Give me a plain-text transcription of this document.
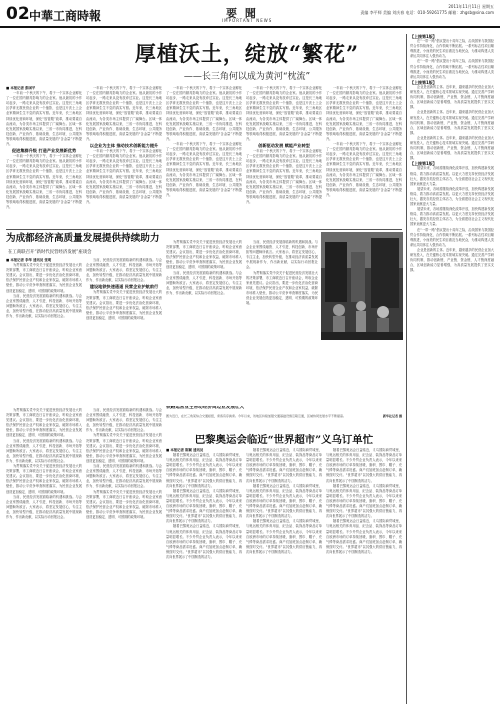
02 中華工商時報	要 聞
IMPORTANT NEWS
2011年11月11日 星期五
责编 李平师 美编 刘庆春 电话：010-59261775 邮箱：zhgsb@sina.com
厚植沃土，绽放“繁花”
——长三角何以成为黄河“枕流”
■ 本报记者 彭国平

一年前一个秋天的下午，将于一个实体企业孵化了一位在国内颇具影响力的企业家。他从最初的小作坊起步，一路走来从没有放弃过实业。这是长三角地区孕育无数民营企业的一个缩影，也是这片沃土上企业家精神生生不息的真实写照。近年来，长三角地区持续优化营商环境，深化“放管服”改革，推动要素自由流动，为各类市场主体提供了广阔舞台。区域一体化发展国家战略实施以来，三省一市协同推进，在科技创新、产业协作、基础设施、生态环境、公共服务等领域取得积极进展，高质量发展的“含金量”不断提升。

促进集群升级 打造产业发展新优势

一年前一个秋天的下午，将于一个实体企业孵化了一位在国内颇具影响力的企业家。他从最初的小作坊起步，一路走来从没有放弃过实业。这是长三角地区孕育无数民营企业的一个缩影，也是这片沃土上企业家精神生生不息的真实写照。近年来，长三角地区持续优化营商环境，深化“放管服”改革，推动要素自由流动，为各类市场主体提供了广阔舞台。区域一体化发展国家战略实施以来，三省一市协同推进，在科技创新、产业协作、基础设施、生态环境、公共服务等领域取得积极进展，高质量发展的“含金量”不断提升。

一年前一个秋天的下午，将于一个实体企业孵化了一位在国内颇具影响力的企业家。他从最初的小作坊起步，一路走来从没有放弃过实业。这是长三角地区孕育无数民营企业的一个缩影，也是这片沃土上企业家精神生生不息的真实写照。近年来，长三角地区持续优化营商环境，深化“放管服”改革，推动要素自由流动，为各类市场主体提供了广阔舞台。区域一体化发展国家战略实施以来，三省一市协同推进，在科技创新、产业协作、基础设施、生态环境、公共服务等领域取得积极进展，高质量发展的“含金量”不断提升。

以企业为主体 推动技术创新能力提升

一年前一个秋天的下午，将于一个实体企业孵化了一位在国内颇具影响力的企业家。他从最初的小作坊起步，一路走来从没有放弃过实业。这是长三角地区孕育无数民营企业的一个缩影，也是这片沃土上企业家精神生生不息的真实写照。近年来，长三角地区持续优化营商环境，深化“放管服”改革，推动要素自由流动，为各类市场主体提供了广阔舞台。区域一体化发展国家战略实施以来，三省一市协同推进，在科技创新、产业协作、基础设施、生态环境、公共服务等领域取得积极进展，高质量发展的“含金量”不断提升。

一年前一个秋天的下午，将于一个实体企业孵化了一位在国内颇具影响力的企业家。他从最初的小作坊起步，一路走来从没有放弃过实业。这是长三角地区孕育无数民营企业的一个缩影，也是这片沃土上企业家精神生生不息的真实写照。近年来，长三角地区持续优化营商环境，深化“放管服”改革，推动要素自由流动，为各类市场主体提供了广阔舞台。区域一体化发展国家战略实施以来，三省一市协同推进，在科技创新、产业协作、基础设施、生态环境、公共服务等领域取得积极进展，高质量发展的“含金量”不断提升。

一年前一个秋天的下午，将于一个实体企业孵化了一位在国内颇具影响力的企业家。他从最初的小作坊起步，一路走来从没有放弃过实业。这是长三角地区孕育无数民营企业的一个缩影，也是这片沃土上企业家精神生生不息的真实写照。近年来，长三角地区持续优化营商环境，深化“放管服”改革，推动要素自由流动，为各类市场主体提供了广阔舞台。区域一体化发展国家战略实施以来，三省一市协同推进，在科技创新、产业协作、基础设施、生态环境、公共服务等领域取得积极进展，高质量发展的“含金量”不断提升。

一年前一个秋天的下午，将于一个实体企业孵化了一位在国内颇具影响力的企业家。他从最初的小作坊起步，一路走来从没有放弃过实业。这是长三角地区孕育无数民营企业的一个缩影，也是这片沃土上企业家精神生生不息的真实写照。近年来，长三角地区持续优化营商环境，深化“放管服”改革，推动要素自由流动，为各类市场主体提供了广阔舞台。区域一体化发展国家战略实施以来，三省一市协同推进，在科技创新、产业协作、基础设施、生态环境、公共服务等领域取得积极进展，高质量发展的“含金量”不断提升。

创新驱动发展 赋能产业转型

一年前一个秋天的下午，将于一个实体企业孵化了一位在国内颇具影响力的企业家。他从最初的小作坊起步，一路走来从没有放弃过实业。这是长三角地区孕育无数民营企业的一个缩影，也是这片沃土上企业家精神生生不息的真实写照。近年来，长三角地区持续优化营商环境，深化“放管服”改革，推动要素自由流动，为各类市场主体提供了广阔舞台。区域一体化发展国家战略实施以来，三省一市协同推进，在科技创新、产业协作、基础设施、生态环境、公共服务等领域取得积极进展，高质量发展的“含金量”不断提升。

一年前一个秋天的下午，将于一个实体企业孵化了一位在国内颇具影响力的企业家。他从最初的小作坊起步，一路走来从没有放弃过实业。这是长三角地区孕育无数民营企业的一个缩影，也是这片沃土上企业家精神生生不息的真实写照。近年来，长三角地区持续优化营商环境，深化“放管服”改革，推动要素自由流动，为各类市场主体提供了广阔舞台。区域一体化发展国家战略实施以来，三省一市协同推进，在科技创新、产业协作、基础设施、生态环境、公共服务等领域取得积极进展，高质量发展的“含金量”不断提升。

一年前一个秋天的下午，将于一个实体企业孵化了一位在国内颇具影响力的企业家。他从最初的小作坊起步，一路走来从没有放弃过实业。这是长三角地区孕育无数民营企业的一个缩影，也是这片沃土上企业家精神生生不息的真实写照。近年来，长三角地区持续优化营商环境，深化“放管服”改革，推动要素自由流动，为各类市场主体提供了广阔舞台。区域一体化发展国家战略实施以来，三省一市协同推进，在科技创新、产业协作、基础设施、生态环境、公共服务等领域取得积极进展，高质量发展的“含金量”不断提升。

为成都经济高质量发展提供持续助力
在工商联召开“新时代民营经济发展”座谈会
■ 本报记者 李华 通讯员 张明

为贯彻落实党中央关于促进民营经济发展壮大的决策部署，市工商联近日召开座谈会，听取企业家意见建议。会议指出，要进一步优化法治化营商环境，依法保护民营企业产权和企业家权益，破除市场准入壁垒，推动公平竞争审查制度落实，为民营企业发展创造更加稳定、透明、可预期的政策环境。

当前，民营经济发展面临新的机遇和挑战。与会企业家围绕融资、人才引进、科技创新、市场开拓等问题畅所欲言。大家表示，将坚定发展信心，专注主业，加快转型升级，在推动经济高质量发展中展现新作为、作出新贡献，以实际行动回报社会。

当前，民营经济发展面临新的机遇和挑战。与会企业家围绕融资、人才引进、科技创新、市场开拓等问题畅所欲言。大家表示，将坚定发展信心，专注主业，加快转型升级，在推动经济高质量发展中展现新作为、作出新贡献，以实际行动回报社会。

建设地铁快速通道 民营企业护航前行

为贯彻落实党中央关于促进民营经济发展壮大的决策部署，市工商联近日召开座谈会，听取企业家意见建议。会议指出，要进一步优化法治化营商环境，依法保护民营企业产权和企业家权益，破除市场准入壁垒，推动公平竞争审查制度落实，为民营企业发展创造更加稳定、透明、可预期的政策环境。

为贯彻落实党中央关于促进民营经济发展壮大的决策部署，市工商联近日召开座谈会，听取企业家意见建议。会议指出，要进一步优化法治化营商环境，依法保护民营企业产权和企业家权益，破除市场准入壁垒，推动公平竞争审查制度落实，为民营企业发展创造更加稳定、透明、可预期的政策环境。

当前，民营经济发展面临新的机遇和挑战。与会企业家围绕融资、人才引进、科技创新、市场开拓等问题畅所欲言。大家表示，将坚定发展信心，专注主业，加快转型升级，在推动经济高质量发展中展现新作为、作出新贡献，以实际行动回报社会。

当前，民营经济发展面临新的机遇和挑战。与会企业家围绕融资、人才引进、科技创新、市场开拓等问题畅所欲言。大家表示，将坚定发展信心，专注主业，加快转型升级，在推动经济高质量发展中展现新作为、作出新贡献，以实际行动回报社会。

为贯彻落实党中央关于促进民营经济发展壮大的决策部署，市工商联近日召开座谈会，听取企业家意见建议。会议指出，要进一步优化法治化营商环境，依法保护民营企业产权和企业家权益，破除市场准入壁垒，推动公平竞争审查制度落实，为民营企业发展创造更加稳定、透明、可预期的政策环境。

铁路运营业主带动经济周边业发展壮大
图为近日，在长三角某综合交通枢纽，乘客有序换乘。今年以来，该地区持续加强交通基础设施互联互通，区域协同发展水平不断提高。	新华社记者 摄
巴黎奥运会临近“世界超市”义乌订单忙

为贯彻落实党中央关于促进民营经济发展壮大的决策部署，市工商联近日召开座谈会，听取企业家意见建议。会议指出，要进一步优化法治化营商环境，依法保护民营企业产权和企业家权益，破除市场准入壁垒，推动公平竞争审查制度落实，为民营企业发展创造更加稳定、透明、可预期的政策环境。

当前，民营经济发展面临新的机遇和挑战。与会企业家围绕融资、人才引进、科技创新、市场开拓等问题畅所欲言。大家表示，将坚定发展信心，专注主业，加快转型升级，在推动经济高质量发展中展现新作为、作出新贡献，以实际行动回报社会。

为贯彻落实党中央关于促进民营经济发展壮大的决策部署，市工商联近日召开座谈会，听取企业家意见建议。会议指出，要进一步优化法治化营商环境，依法保护民营企业产权和企业家权益，破除市场准入壁垒，推动公平竞争审查制度落实，为民营企业发展创造更加稳定、透明、可预期的政策环境。

当前，民营经济发展面临新的机遇和挑战。与会企业家围绕融资、人才引进、科技创新、市场开拓等问题畅所欲言。大家表示，将坚定发展信心，专注主业，加快转型升级，在推动经济高质量发展中展现新作为、作出新贡献，以实际行动回报社会。

当前，民营经济发展面临新的机遇和挑战。与会企业家围绕融资、人才引进、科技创新、市场开拓等问题畅所欲言。大家表示，将坚定发展信心，专注主业，加快转型升级，在推动经济高质量发展中展现新作为、作出新贡献，以实际行动回报社会。

为贯彻落实党中央关于促进民营经济发展壮大的决策部署，市工商联近日召开座谈会，听取企业家意见建议。会议指出，要进一步优化法治化营商环境，依法保护民营企业产权和企业家权益，破除市场准入壁垒，推动公平竞争审查制度落实，为民营企业发展创造更加稳定、透明、可预期的政策环境。

当前，民营经济发展面临新的机遇和挑战。与会企业家围绕融资、人才引进、科技创新、市场开拓等问题畅所欲言。大家表示，将坚定发展信心，专注主业，加快转型升级，在推动经济高质量发展中展现新作为、作出新贡献，以实际行动回报社会。

为贯彻落实党中央关于促进民营经济发展壮大的决策部署，市工商联近日召开座谈会，听取企业家意见建议。会议指出，要进一步优化法治化营商环境，依法保护民营企业产权和企业家权益，破除市场准入壁垒，推动公平竞争审查制度落实，为民营企业发展创造更加稳定、透明、可预期的政策环境。

■ 本报记者 陈颖 通讯员

随着巴黎奥运会日益临近，义乌国际商贸城里，与奥运相关的体育用品、纪念品、装饰品等商品订单量明显增长。不少外贸企业负责人表示，今年以来来自欧洲市场的订单持续回暖，旗帜、围巾、帽子、充气棒等商品需求旺盛。商户们加班加点赶制订单，确保按时交付。“世界超市”以其强大的供应链能力，再次向世界展示了中国制造的活力。

随着巴黎奥运会日益临近，义乌国际商贸城里，与奥运相关的体育用品、纪念品、装饰品等商品订单量明显增长。不少外贸企业负责人表示，今年以来来自欧洲市场的订单持续回暖，旗帜、围巾、帽子、充气棒等商品需求旺盛。商户们加班加点赶制订单，确保按时交付。“世界超市”以其强大的供应链能力，再次向世界展示了中国制造的活力。

随着巴黎奥运会日益临近，义乌国际商贸城里，与奥运相关的体育用品、纪念品、装饰品等商品订单量明显增长。不少外贸企业负责人表示，今年以来来自欧洲市场的订单持续回暖，旗帜、围巾、帽子、充气棒等商品需求旺盛。商户们加班加点赶制订单，确保按时交付。“世界超市”以其强大的供应链能力，再次向世界展示了中国制造的活力。

随着巴黎奥运会日益临近，义乌国际商贸城里，与奥运相关的体育用品、纪念品、装饰品等商品订单量明显增长。不少外贸企业负责人表示，今年以来来自欧洲市场的订单持续回暖，旗帜、围巾、帽子、充气棒等商品需求旺盛。商户们加班加点赶制订单，确保按时交付。“世界超市”以其强大的供应链能力，再次向世界展示了中国制造的活力。

随着巴黎奥运会日益临近，义乌国际商贸城里，与奥运相关的体育用品、纪念品、装饰品等商品订单量明显增长。不少外贸企业负责人表示，今年以来来自欧洲市场的订单持续回暖，旗帜、围巾、帽子、充气棒等商品需求旺盛。商户们加班加点赶制订单，确保按时交付。“世界超市”以其强大的供应链能力，再次向世界展示了中国制造的活力。

随着巴黎奥运会日益临近，义乌国际商贸城里，与奥运相关的体育用品、纪念品、装饰品等商品订单量明显增长。不少外贸企业负责人表示，今年以来来自欧洲市场的订单持续回暖，旗帜、围巾、帽子、充气棒等商品需求旺盛。商户们加班加点赶制订单，确保按时交付。“世界超市”以其强大的供应链能力，再次向世界展示了中国制造的活力。

随着巴黎奥运会日益临近，义乌国际商贸城里，与奥运相关的体育用品、纪念品、装饰品等商品订单量明显增长。不少外贸企业负责人表示，今年以来来自欧洲市场的订单持续回暖，旗帜、围巾、帽子、充气棒等商品需求旺盛。商户们加班加点赶制订单，确保按时交付。“世界超市”以其强大的供应链能力，再次向世界展示了中国制造的活力。

随着巴黎奥运会日益临近，义乌国际商贸城里，与奥运相关的体育用品、纪念品、装饰品等商品订单量明显增长。不少外贸企业负责人表示，今年以来来自欧洲市场的订单持续回暖，旗帜、围巾、帽子、充气棒等商品需求旺盛。商户们加班加点赶制订单，确保按时交付。“世界超市”以其强大的供应链能力，再次向世界展示了中国制造的活力。

随着巴黎奥运会日益临近，义乌国际商贸城里，与奥运相关的体育用品、纪念品、装饰品等商品订单量明显增长。不少外贸企业负责人表示，今年以来来自欧洲市场的订单持续回暖，旗帜、围巾、帽子、充气棒等商品需求旺盛。商户们加班加点赶制订单，确保按时交付。“世界超市”以其强大的供应链能力，再次向世界展示了中国制造的活力。

【上接第1版】

在“一带一路”倡议提出十周年之际，沿线国家与我国经贸合作持续深化，合作领域不断拓展。一系列标志性项目顺利推进，小而美的民生项目惠及当地民众，为推动构建人类命运共同体注入强劲动力。

在“一带一路”倡议提出十周年之际，沿线国家与我国经贸合作持续深化，合作领域不断拓展。一系列标志性项目顺利推进，小而美的民生项目惠及当地民众，为推动构建人类命运共同体注入强劲动力。

【上接第1版】

企业是创新的主体。近年来，越来越多的民营企业加大研发投入，在关键核心技术领域实现突破。通过完善产学研协同机制，推动创新链、产业链、资金链、人才链深度融合，区域创新能力显著增强，为高质量发展提供了坚实支撑。

企业是创新的主体。近年来，越来越多的民营企业加大研发投入，在关键核心技术领域实现突破。通过完善产学研协同机制，推动创新链、产业链、资金链、人才链深度融合，区域创新能力显著增强，为高质量发展提供了坚实支撑。

企业是创新的主体。近年来，越来越多的民营企业加大研发投入，在关键核心技术领域实现突破。通过完善产学研协同机制，推动创新链、产业链、资金链、人才链深度融合，区域创新能力显著增强，为高质量发展提供了坚实支撑。

【上接第1版】

展望未来，各地将继续深化改革开放，加快构建新发展格局，着力推动高质量发展。以更大力度支持民营经济发展壮大，激发各类经营主体活力，为全面建设社会主义现代化国家贡献更大力量。

展望未来，各地将继续深化改革开放，加快构建新发展格局，着力推动高质量发展。以更大力度支持民营经济发展壮大，激发各类经营主体活力，为全面建设社会主义现代化国家贡献更大力量。

展望未来，各地将继续深化改革开放，加快构建新发展格局，着力推动高质量发展。以更大力度支持民营经济发展壮大，激发各类经营主体活力，为全面建设社会主义现代化国家贡献更大力量。

在“一带一路”倡议提出十周年之际，沿线国家与我国经贸合作持续深化，合作领域不断拓展。一系列标志性项目顺利推进，小而美的民生项目惠及当地民众，为推动构建人类命运共同体注入强劲动力。

企业是创新的主体。近年来，越来越多的民营企业加大研发投入，在关键核心技术领域实现突破。通过完善产学研协同机制，推动创新链、产业链、资金链、人才链深度融合，区域创新能力显著增强，为高质量发展提供了坚实支撑。
